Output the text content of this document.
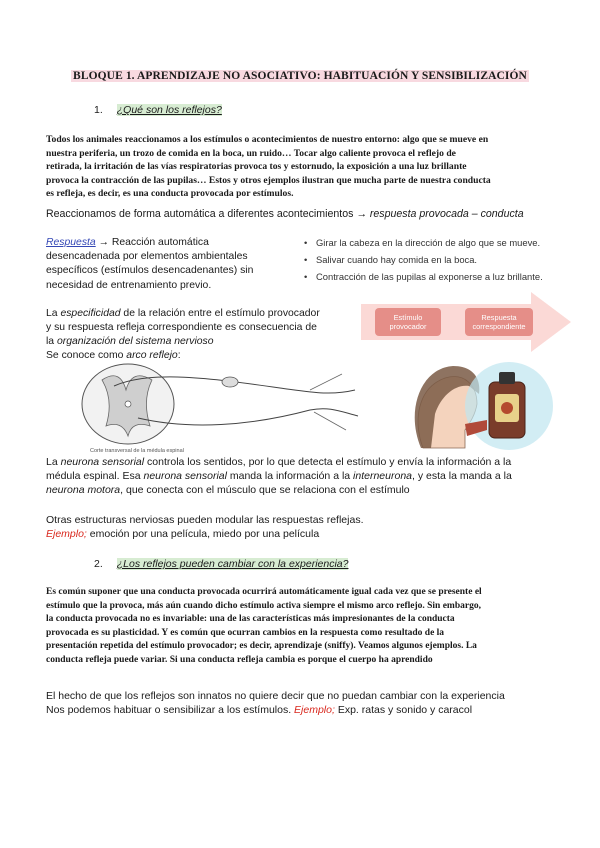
BLOQUE 1. APRENDIZAJE NO ASOCIATIVO: HABITUACIÓN Y SENSIBILIZACIÓN
1. ¿Qué son los reflejos?
Todos los animales reaccionamos a los estímulos o acontecimientos de nuestro entorno: algo que se mueve en
nuestra periferia, un trozo de comida en la boca, un ruido… Tocar algo caliente provoca el reflejo de
retirada, la irritación de las vías respiratorias provoca tos y estornudo, la exposición a una luz brillante
provoca la contracción de las pupilas… Estos y otros ejemplos ilustran que mucha parte de nuestra conducta
es refleja, es decir, es una conducta provocada por estímulos.
Reaccionamos de forma automática a diferentes acontecimientos → respuesta provocada – conducta
Respuesta → Reacción automática
desencadenada por elementos ambientales
específicos (estímulos desencadenantes) sin
necesidad de entrenamiento previo.
• Girar la cabeza en la dirección de algo que se mueve.
• Salivar cuando hay comida en la boca.
• Contracción de las pupilas al exponerse a luz brillante.
La especificidad de la relación entre el estímulo provocador
y su respuesta refleja correspondiente es consecuencia de
la organización del sistema nervioso
Se conoce como arco reflejo:
Corte transversal de la médula espinal
Estímulo provocador
Respuesta correspondiente
La neurona sensorial controla los sentidos, por lo que detecta el estímulo y envía la información a la
médula espinal. Esa neurona sensorial manda la información a la interneurona, y esta la manda a la
neurona motora, que conecta con el músculo que se relaciona con el estímulo
Otras estructuras nerviosas pueden modular las respuestas reflejas.
Ejemplo; emoción por una película, miedo por una película
2. ¿Los reflejos pueden cambiar con la experiencia?
Es común suponer que una conducta provocada ocurrirá automáticamente igual cada vez que se presente el
estímulo que la provoca, más aún cuando dicho estímulo activa siempre el mismo arco reflejo. Sin embargo,
la conducta provocada no es invariable: una de las características más impresionantes de la conducta
provocada es su plasticidad. Y es común que ocurran cambios en la respuesta como resultado de la
presentación repetida del estímulo provocador; es decir, aprendizaje (sniffy). Veamos algunos ejemplos. La
conducta refleja puede variar. Si una conducta refleja cambia es porque el cuerpo ha aprendido
El hecho de que los reflejos son innatos no quiere decir que no puedan cambiar con la experiencia
Nos podemos habituar o sensibilizar a los estímulos. Ejemplo; Exp. ratas y sonido y caracol
